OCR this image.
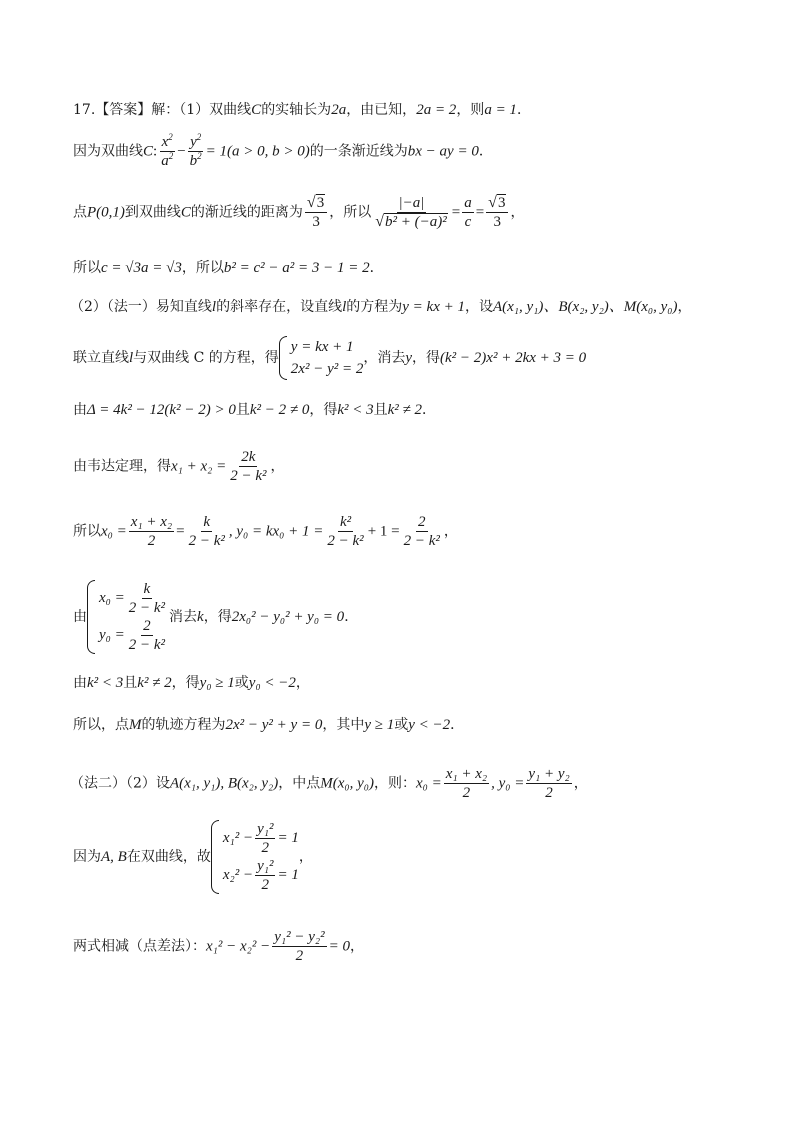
17.【答案】解：（1）双曲线C的实轴长为2a，由已知，2a = 2，则a = 1．
因为双曲线C: $\frac{x^2}{a^2} - \frac{y^2}{b^2} = 1(a > 0$, b > 0)的一条渐近线为bx − ay = 0．
点P(0,1)到双曲线C的渐近线的距离为 $\frac{√3}{3}$ ，所以 $\frac{|-a|}{\text{√b² + (−a)²}} = \frac{a}{c} = \frac{√3}{3}$ ，
所以c = √3a = √3，所以b² = c² − a² = 3 − 1 = 2．
（2）（法一）易知直线l的斜率存在，设直线l的方程为y = kx + 1，设A(x₁, y₁)、B(x₂, y₂)、M(x₀, y₀)，
联立直线l与双曲线 C 的方程，得
y = kx + 1
2x² − y² = 2
，消去y，得(k² − 2)x² + 2kx + 3 = 0
由Δ = 4k² − 12(k² − 2) > 0且k² − 2 ≠ 0，得k² < 3且k² ≠ 2．
由韦达定理，得$x_1 + x_2 = \frac{2k}{\text{2 − k²}}$ ，
所以$x_0 = \frac{\text{x₁ + x₂}}{2} = \frac{k}{\text{2 − k²}}$ , $y_0 = kx_0 + 1 = \frac{\text{k²}}{\text{2 − k²}} + 1 = \frac{2}{\text{2 − k²}}$ ，
由
$x_0 = \frac{k}{\text{2 − k²}}$
$y_0 = \frac{2}{\text{2 − k²}}$ 消去k，得2x₀² − y₀² + y₀ = 0．
由k² < 3且k² ≠ 2，得y₀ ≥ 1或y₀ < −2，
所以，点M的轨迹方程为2x² − y² + y = 0，其中y ≥ 1或y < −2．
（法二）（2）设A(x₁, y₁), B(x₂, y₂)，中点M(x₀, y₀)，则：$x_0 = \frac{\text{x₁ + x₂}}{2}$ , $y_0 = \frac{\text{y₁ + y₂}}{2}$ ，
因为A, B在双曲线，故
$x_1^2 - \frac{\text{y₁²}}{2} = 1$
$x_2^2 - \frac{\text{y₁²}}{2} = 1$
，
两式相减（点差法）：$x_1^2 - x_2^2 - \frac{\text{y₁² − y₂²}}{2} = 0$，
